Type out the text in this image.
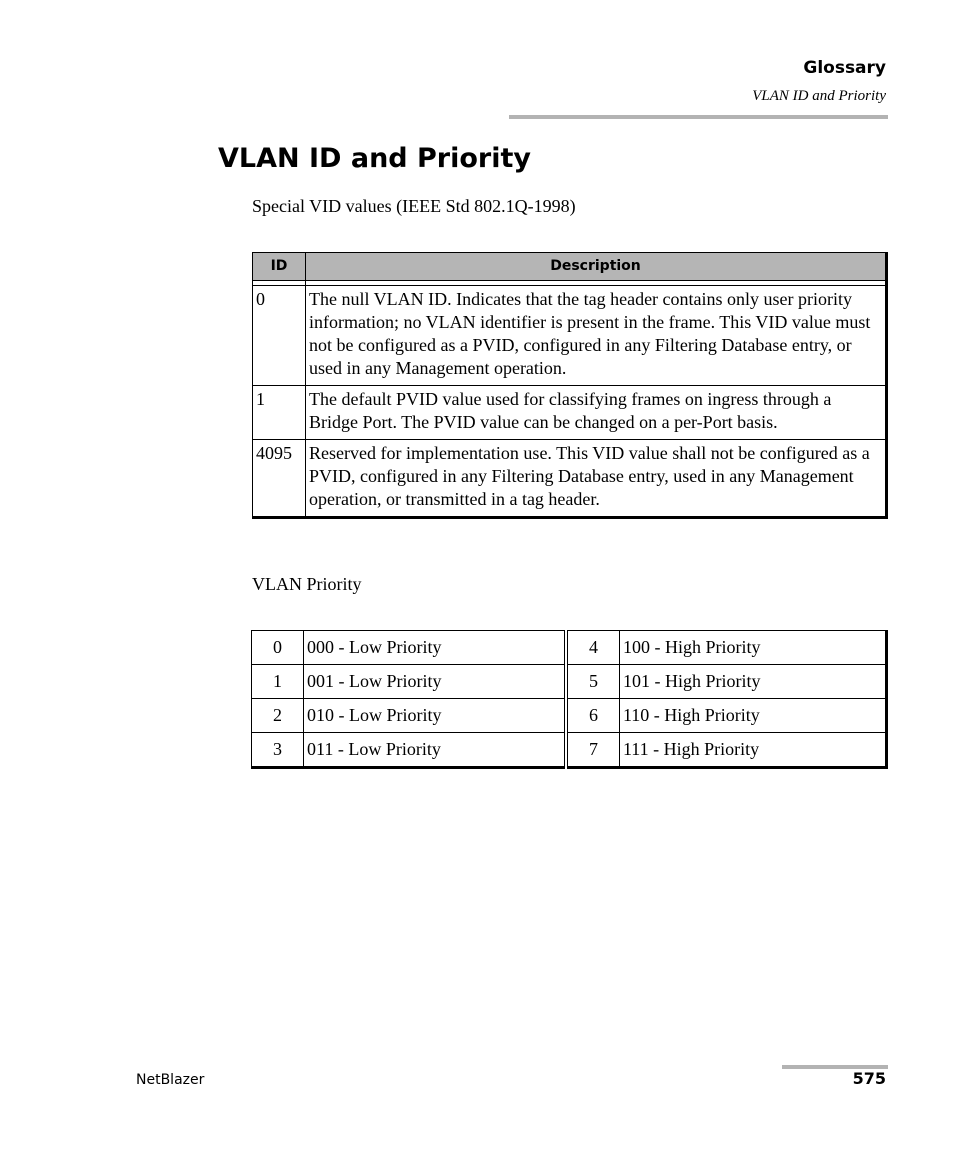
Glossary
VLAN ID and Priority
VLAN ID and Priority
Special VID values (IEEE Std 802.1Q-1998)
ID	Description

0	The null VLAN ID. Indicates that the tag header contains only user priority information; no VLAN identifier is present in the frame. This VID value must not be configured as a PVID, configured in any Filtering Database entry, or used in any Management operation.
1	The default PVID value used for classifying frames on ingress through a Bridge Port. The PVID value can be changed on a per-Port basis.
4095	Reserved for implementation use. This VID value shall not be configured as a PVID, configured in any Filtering Database entry, used in any Management operation, or transmitted in a tag header.
VLAN Priority
0	000 - Low Priority	4	100 - High Priority
1	001 - Low Priority	5	101 - High Priority
2	010 - Low Priority	6	110 - High Priority
3	011 - Low Priority	7	111 - High Priority
NetBlazer	575
